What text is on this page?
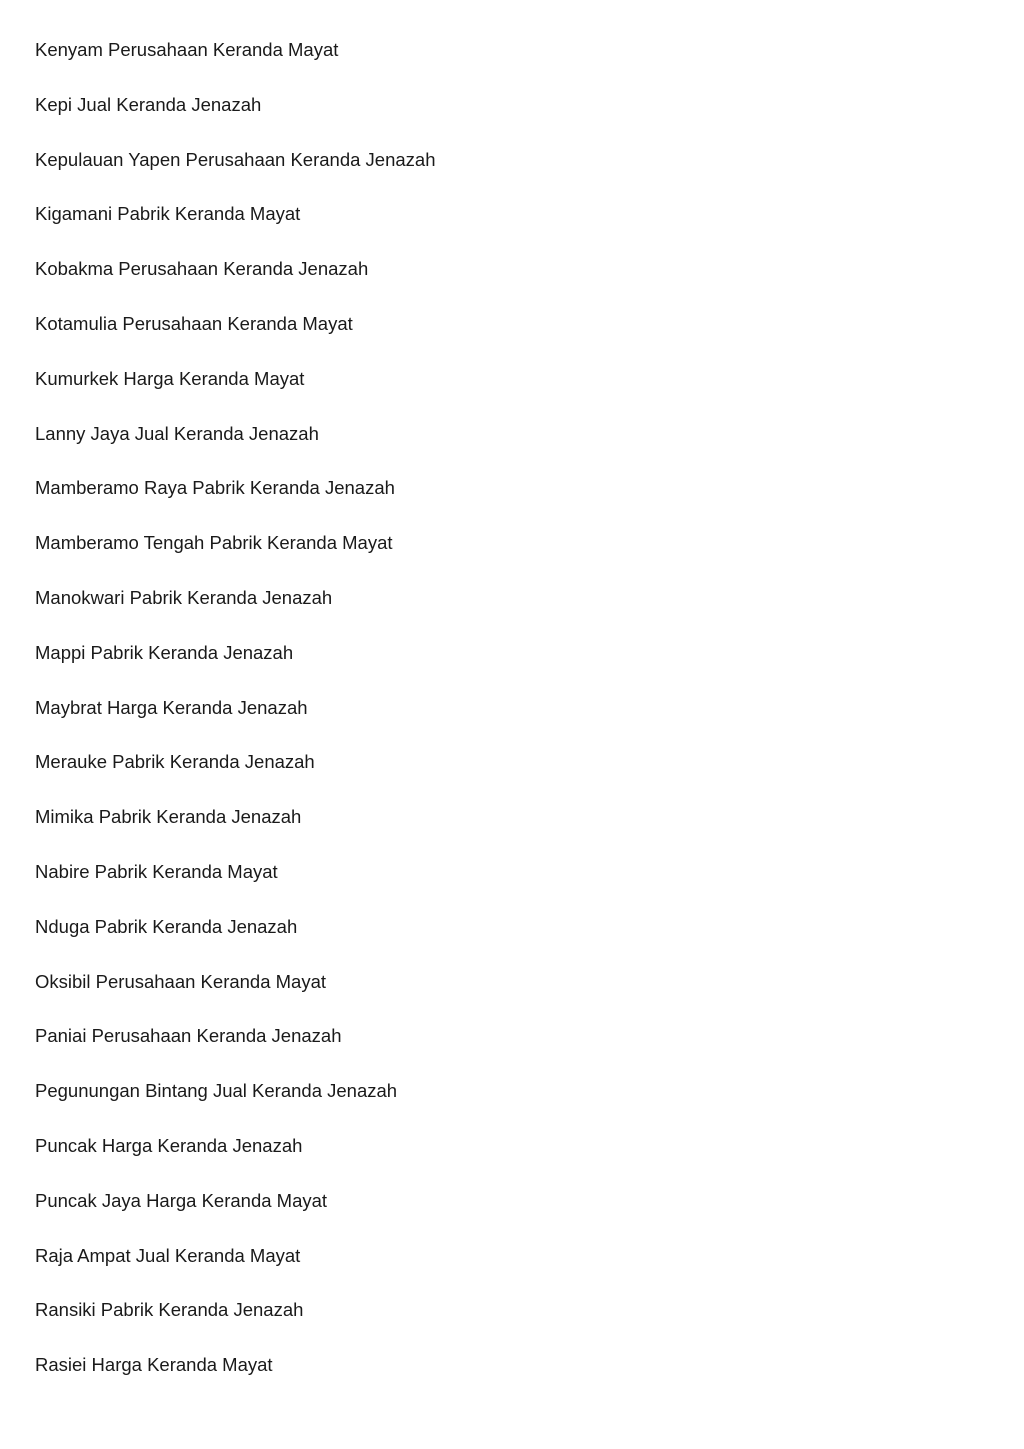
Kenyam Perusahaan Keranda Mayat
Kepi Jual Keranda Jenazah
Kepulauan Yapen Perusahaan Keranda Jenazah
Kigamani Pabrik Keranda Mayat
Kobakma Perusahaan Keranda Jenazah
Kotamulia Perusahaan Keranda Mayat
Kumurkek Harga Keranda Mayat
Lanny Jaya Jual Keranda Jenazah
Mamberamo Raya Pabrik Keranda Jenazah
Mamberamo Tengah Pabrik Keranda Mayat
Manokwari Pabrik Keranda Jenazah
Mappi Pabrik Keranda Jenazah
Maybrat Harga Keranda Jenazah
Merauke Pabrik Keranda Jenazah
Mimika Pabrik Keranda Jenazah
Nabire Pabrik Keranda Mayat
Nduga Pabrik Keranda Jenazah
Oksibil Perusahaan Keranda Mayat
Paniai Perusahaan Keranda Jenazah
Pegunungan Bintang Jual Keranda Jenazah
Puncak Harga Keranda Jenazah
Puncak Jaya Harga Keranda Mayat
Raja Ampat Jual Keranda Mayat
Ransiki Pabrik Keranda Jenazah
Rasiei Harga Keranda Mayat
